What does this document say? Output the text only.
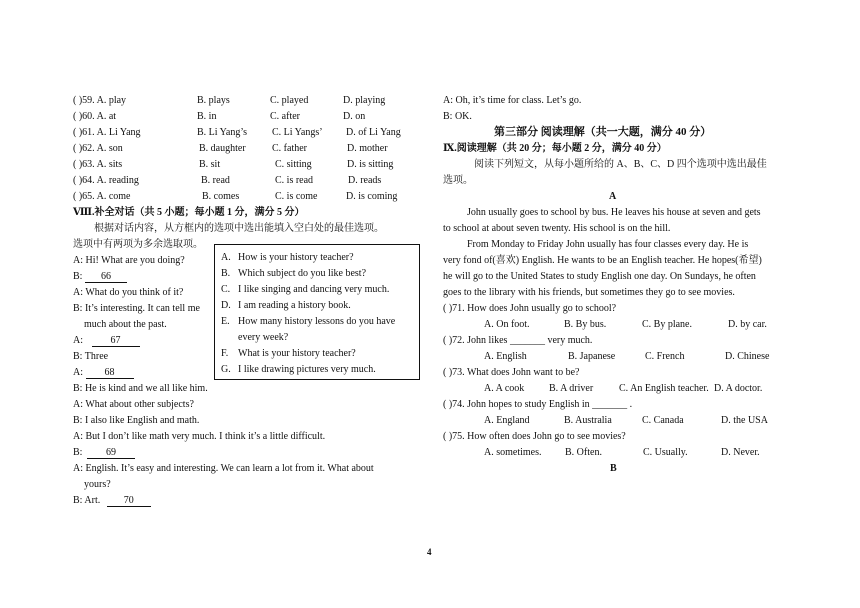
( )59. A. play	B. plays	C. played	D. playing
( )60. A. at	B. in	C. after	D. on
( )61. A. Li Yang	B. Li Yang’s C. Li Yangs’ D. of Li Yang
( )62. A. son	B. daughter	C. father	D. mother
( )63. A. sits	B. sit	C. sitting	D. is sitting
( )64. A. reading	B. read	C. is read	D. reads
( )65. A. come	B. comes	C. is come	D. is coming
Ⅷ.补全对话（共 5 小题；每小题 1 分，满分 5 分）
根据对话内容，从方框内的选项中选出能填入空白处的最佳选项。
选项中有两项为多余选取项。
A: Hi! What are you doing?
B: 66
A: What do you think of it?
B: It’s interesting. It can tell me
much about the past.
A:	67
B: Three
A: 68
B: He is kind and we all like him.
A: What about other subjects?
B: I also like English and math.
A: But I don’t like math very much. I think it’s a little difficult.
B: 69
A: English. It’s easy and interesting. We can learn a lot from it. What about
yours?
B: Art. 70
A. How is your history teacher?
B. Which subject do you like best?
C. I like singing and dancing very much.
D. I am reading a history book.
E. How many history lessons do you have
every week?
F. What is your history teacher?
G. I like drawing pictures very much.
A: Oh, it’s time for class. Let’s go.
B: OK.
第三部分 阅读理解（共一大题，满分 40 分）
Ⅸ.阅读理解（共 20 分；每小题 2 分，满分 40 分）
阅读下列短文，从每小题所给的 A、B、C、D 四个选项中选出最佳
选项。
A
John usually goes to school by bus. He leaves his house at seven and gets
to school at about seven twenty. His school is on the hill.
From Monday to Friday John usually has four classes every day. He is
very fond of(喜欢) English. He wants to be an English teacher. He hopes(希望)
he will go to the United States to study English one day. On Sundays, he often
goes to the library with his friends, but sometimes they go to see movies.
( )71. How does John usually go to school?
A. On foot.	B. By bus.	C. By plane.	D. by car.
( )72. John likes _______ very much.
A. English	B. Japanese	C. French	D. Chinese
( )73. What does John want to be?
A. A cook B. A driver	C. An English teacher. D. A doctor.
( )74. John hopes to study English in _______ .
A. England	B. Australia	C. Canada	D. the USA
( )75. How often does John go to see movies?
A. sometimes. B. Often.	C. Usually.	D. Never.
B
4
